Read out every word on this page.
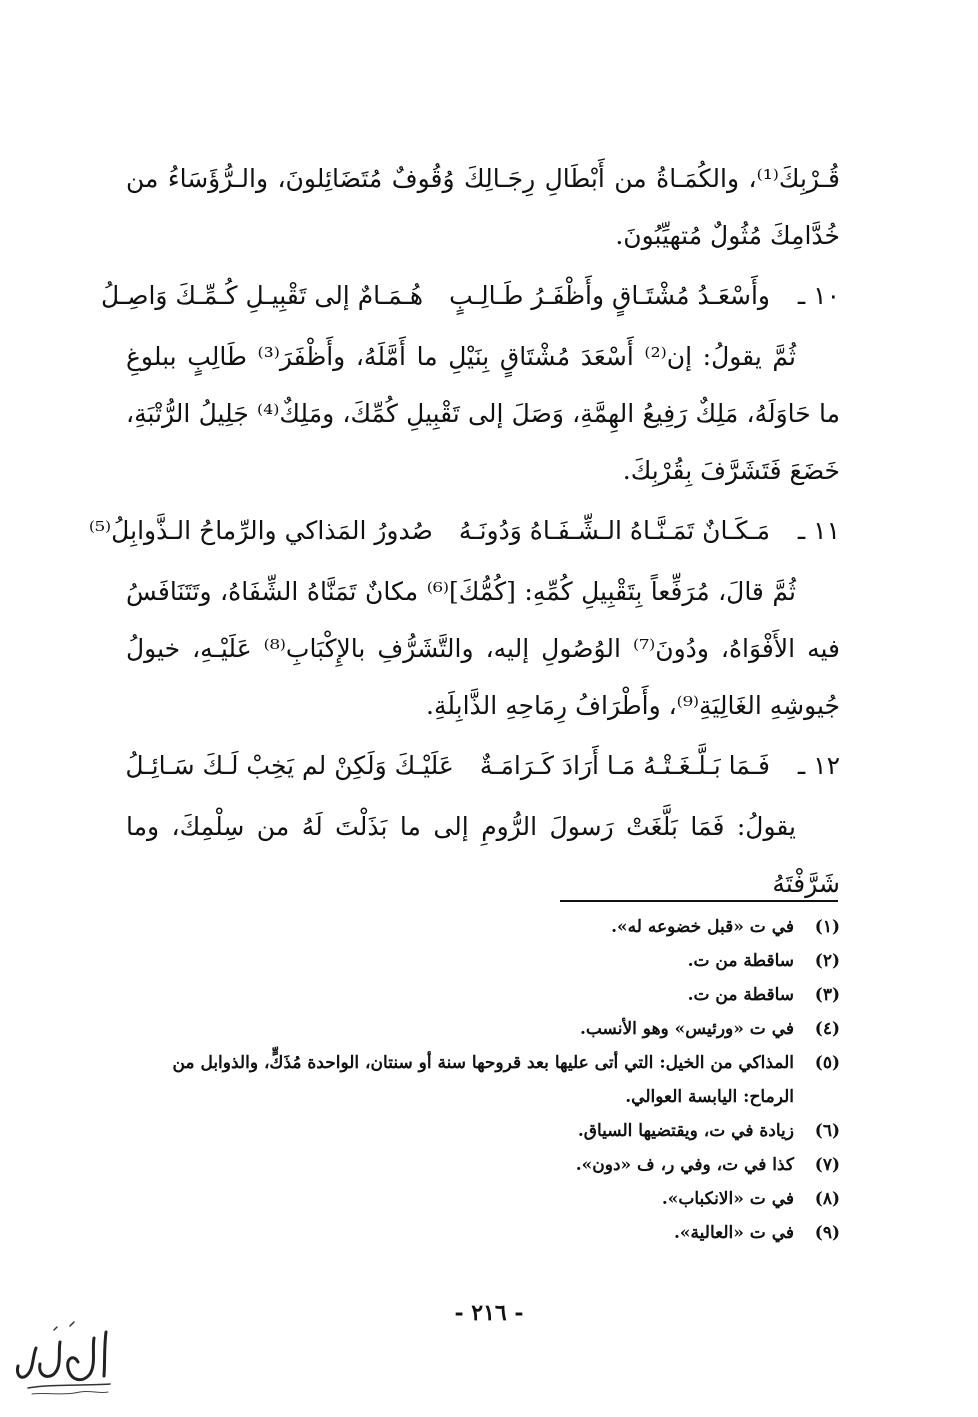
قُـرْبِكَ⁽¹⁾، والكُمَـاةُ من أَبْطَالِ رِجَـالِكَ وُقُوفٌ مُتَضَائِلونَ، والـرُّؤَسَاءُ من خُدَّامِكَ مُثُولٌ مُتهيِّبُونَ.

١٠ ـ
وأَسْعَـدُ مُشْتَـاقٍ وأَظْفَـرُ طَـالِـبٍ
هُـمَـامٌ إلى تَقْبِيـلِ كُـمِّـكَ وَاصِـلُ

ثُمَّ يقولُ: إن⁽²⁾ أَسْعَدَ مُشْتَاقٍ بِنَيْلِ ما أَمَّلَهُ، وأَظْفَرَ⁽³⁾ طَالِبٍ ببلوغِ ما حَاوَلَهُ، مَلِكٌ رَفِيعُ الهِمَّةِ، وَصَلَ إلى تَقْبِيلِ كُمِّكَ، ومَلِكٌ⁽⁴⁾ جَلِيلُ الرُّتْبَةِ، خَضَعَ فَتَشَرَّفَ بِقُرْبِكَ.

١١ ـ
مَـكَـانٌ تَمَـنَّـاهُ الـشِّـفَـاهُ وَدُونَـهُ
صُدورُ المَذاكي والرِّماحُ الـذَّوابِلُ⁽⁵⁾

ثُمَّ قالَ، مُرَفِّعاً بِتَقْبِيلِ كُمِّهِ: [كُمُّكَ]⁽⁶⁾ مكانٌ تَمَنَّاهُ الشِّفَاهُ، وتَتَنَافَسُ فيه الأَفْوَاهُ، ودُونَ⁽⁷⁾ الوُصُولِ إليه، والتَّشَرُّفِ بالإِكْبَابِ⁽⁸⁾ عَلَيْـهِ، خيولُ جُيوشِهِ الغَالِيَةِ⁽⁹⁾، وأَطْرَافُ رِمَاحِهِ الذَّابِلَةِ.

١٢ ـ
فَـمَا بَـلَّـغَـتْـهُ مَـا أَرَادَ كَـرَامَـةٌ
عَلَيْـكَ وَلَكِنْ لم يَخِبْ لَـكَ سَـائِـلُ

يقولُ: فَمَا بَلَّغَتْ رَسولَ الرُّومِ إلى ما بَذَلْتَ لَهُ من سِلْمِكَ، وما شَرَّفْتَهُ

(١)
في ت «قبل خضوعه له».
(٢)
ساقطة من ت.
(٣)
ساقطة من ت.
(٤)
في ت «ورئيس» وهو الأنسب.
(٥)
المذاكي من الخيل: التي أتى عليها بعد قروحها سنة أو سنتان، الواحدة مُذَكٍّ، والذوابل من
الرماح: اليابسة العوالي.
(٦)
زيادة في ت، ويقتضيها السياق.
(٧)
كذا في ت، وفي ر، ف «دون».
(٨)
في ت «الانكباب».
(٩)
في ت «العالية».
- ٢١٦ -
